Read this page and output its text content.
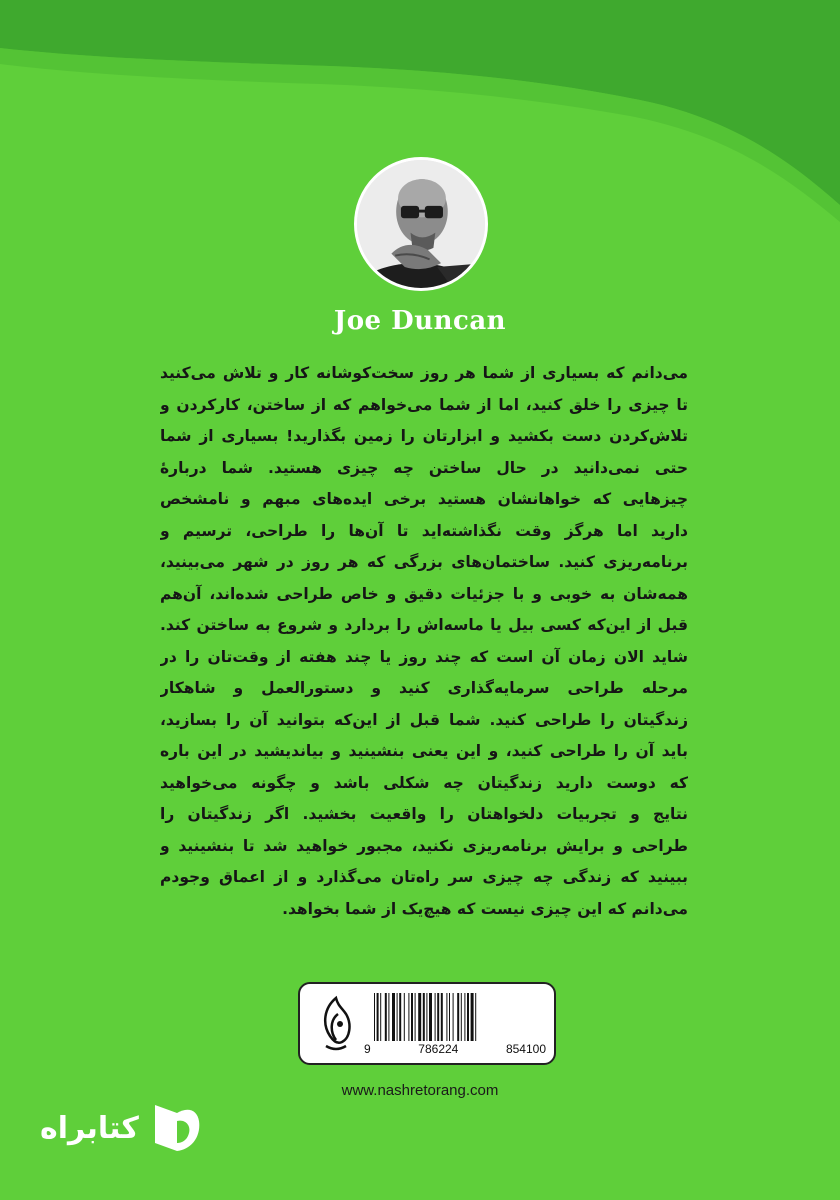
Joe Duncan
می‌دانم که بسیاری از شما هر روز سخت‌کوشانه کار و تلاش می‌کنید
تا چیزی را خلق کنید، اما از شما می‌خواهم که از ساختن، کارکردن و
تلاش‌کردن دست بکشید و ابزارتان را زمین بگذارید! بسیاری از شما
حتی نمی‌دانید در حال ساختن چه چیزی هستید. شما دربارهٔ
چیزهایی که خواهانشان هستید برخی ایده‌های مبهم و نامشخص
دارید اما هرگز وقت نگذاشته‌اید تا آن‌ها را طراحی، ترسیم و
برنامه‌ریزی کنید. ساختمان‌های بزرگی که هر روز در شهر می‌بینید،
همه‌شان به خوبی و با جزئیات دقیق و خاص طراحی شده‌اند، آن‌هم
قبل از این‌که کسی بیل یا ماسه‌اش را بردارد و شروع به ساختن کند.
شاید الان زمان آن است که چند روز یا چند هفته از وقت‌تان را در
مرحله طراحی سرمایه‌گذاری کنید و دستورالعمل و شاهکار
زندگیتان را طراحی کنید. شما قبل از این‌که بتوانید آن را بسازید،
باید آن را طراحی کنید، و این یعنی بنشینید و بیاندیشید در این باره
که دوست دارید زندگیتان چه شکلی باشد و چگونه می‌خواهید
نتایج و تجربیات دلخواهتان را واقعیت بخشید. اگر زندگیتان را
طراحی و برایش برنامه‌ریزی نکنید، مجبور خواهید شد تا بنشینید و
ببینید که زندگی چه چیزی سر راه‌تان می‌گذارد و از اعماق وجودم
می‌دانم که این چیزی نیست که هیچ‌یک از شما بخواهد.
9	786224	854100
www.nashretorang.com
کتابراه
